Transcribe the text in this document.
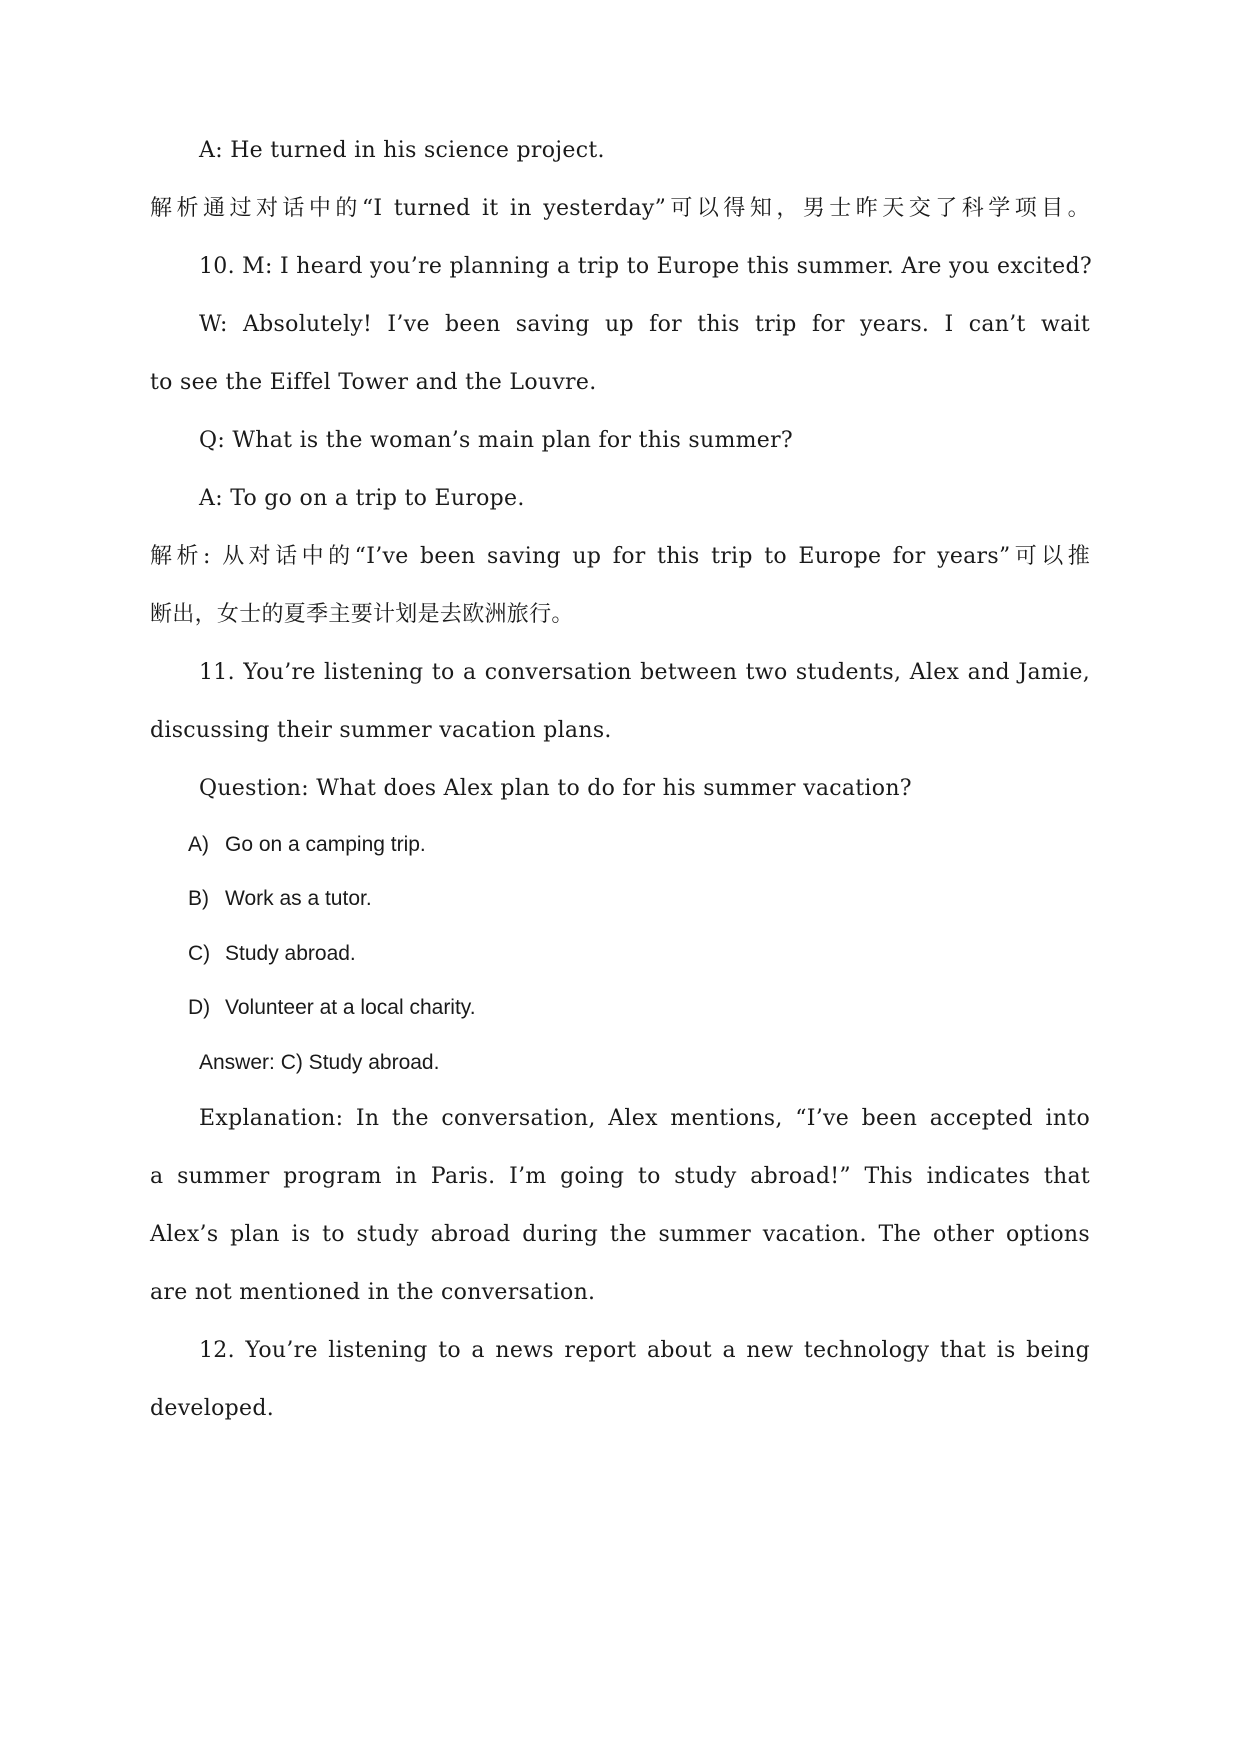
A: He turned in his science project.
解析通过对话中的“I turned it in yesterday”可以得知，男士昨天交了科学项目。
10. M: I heard you’re planning a trip to Europe this summer. Are you excited?
W: Absolutely! I’ve been saving up for this trip for years. I can’t wait
to see the Eiffel Tower and the Louvre.
Q: What is the woman’s main plan for this summer?
A: To go on a trip to Europe.
解析: 从对话中的“I’ve been saving up for this trip to Europe for years”可以推
断出，女士的夏季主要计划是去欧洲旅行。
11. You’re listening to a conversation between two students, Alex and Jamie,
discussing their summer vacation plans.
Question: What does Alex plan to do for his summer vacation?
A) Go on a camping trip.
B) Work as a tutor.
C) Study abroad.
D) Volunteer at a local charity.
Answer: C) Study abroad.
Explanation: In the conversation, Alex mentions, “I’ve been accepted into
a summer program in Paris. I’m going to study abroad!” This indicates that
Alex’s plan is to study abroad during the summer vacation. The other options
are not mentioned in the conversation.
12. You’re listening to a news report about a new technology that is being
developed.
